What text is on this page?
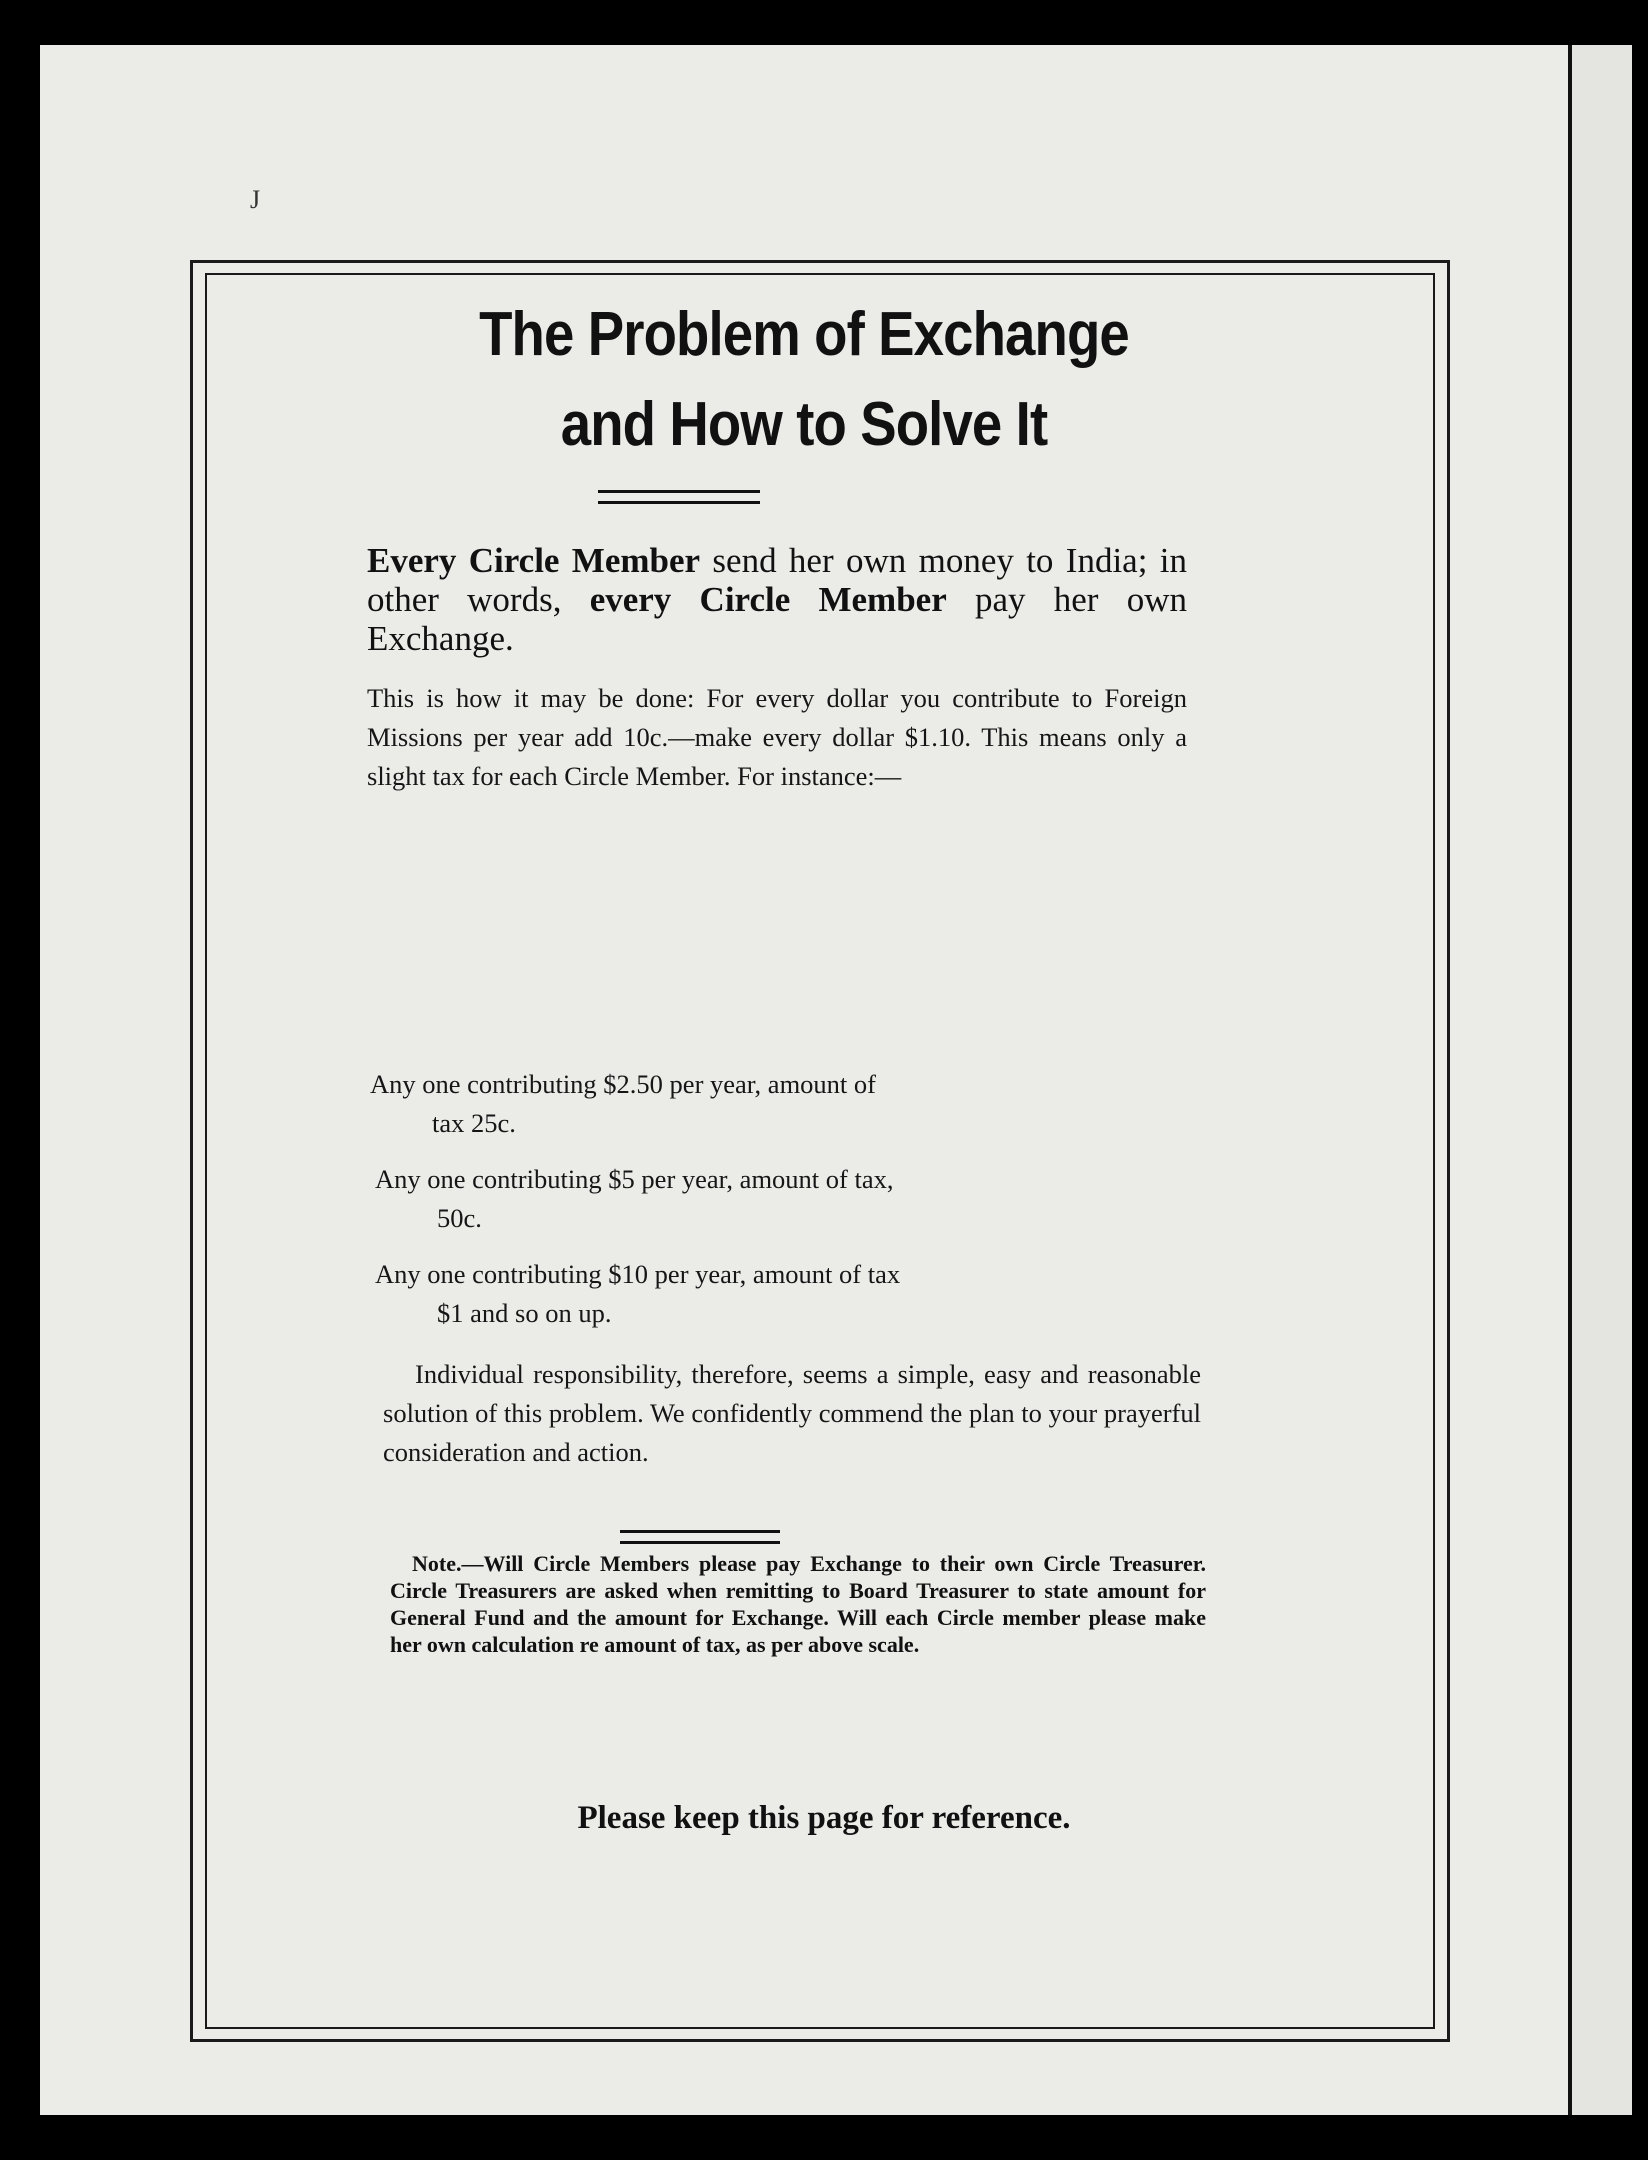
J
The Problem of Exchange
and How to Solve It

Every Circle Member send her own money to India; in other words, every Circle Member pay her own Exchange.

This is how it may be done: For every dollar you contribute to Foreign Missions per year add 10c.—make every dollar $1.10. This means only a slight tax for each Circle Member. For instance:—

Any one contributing $2.50 per year, amount of
tax 25c.

Any one contributing $5 per year, amount of tax,
50c.

Any one contributing $10 per year, amount of tax
$1 and so on up.

Individual responsibility, therefore, seems a simple, easy and reasonable solution of this problem. We confidently commend the plan to your prayerful consideration and action.

Note.—Will Circle Members please pay Exchange to their own Circle Treasurer. Circle Treasurers are asked when remitting to Board Treasurer to state amount for General Fund and the amount for Exchange. Will each Circle member please make her own calculation re amount of tax, as per above scale.

Please keep this page for reference.
